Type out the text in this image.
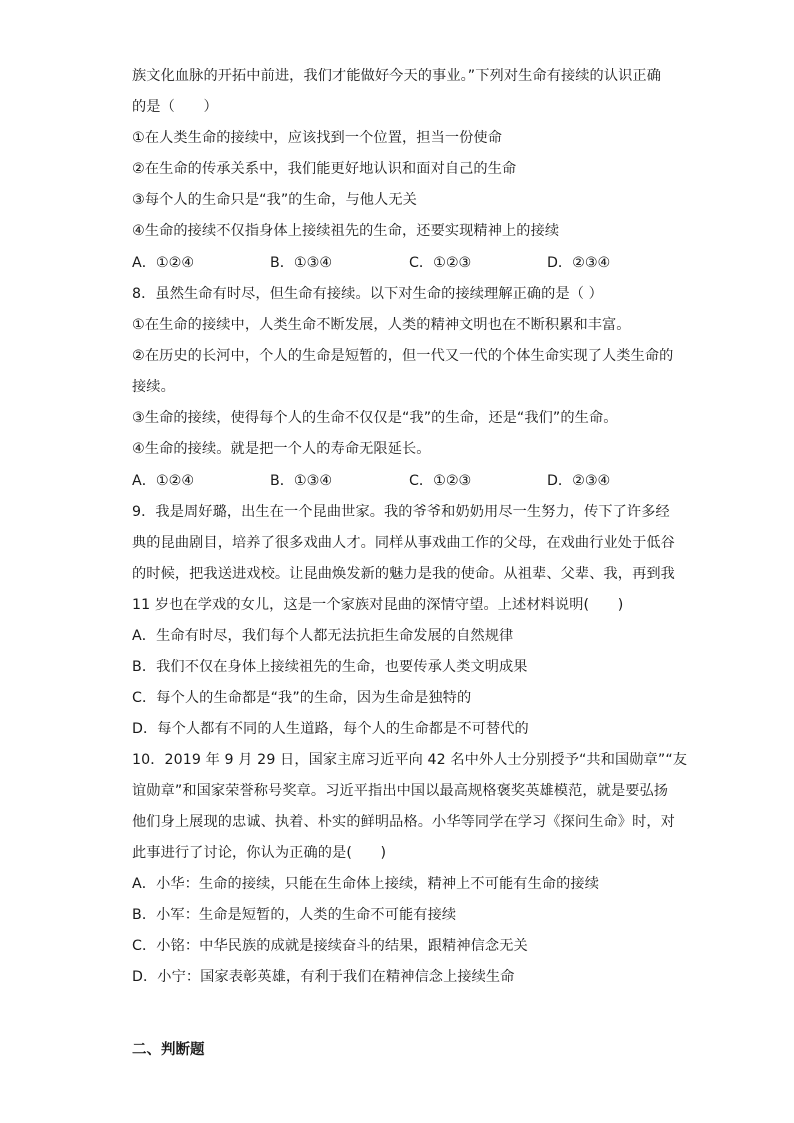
族文化血脉的开拓中前进，我们才能做好今天的事业。”下列对生命有接续的认识正确
的是（　　）
①在人类生命的接续中，应该找到一个位置，担当一份使命
②在生命的传承关系中，我们能更好地认识和面对自己的生命
③每个人的生命只是“我”的生命，与他人无关
④生命的接续不仅指身体上接续祖先的生命，还要实现精神上的接续
A．①②④	B．①③④	C．①②③	D．②③④
8．虽然生命有时尽，但生命有接续。以下对生命的接续理解正确的是（ ）
①在生命的接续中，人类生命不断发展，人类的精神文明也在不断积累和丰富。
②在历史的长河中，个人的生命是短暂的，但一代又一代的个体生命实现了人类生命的
接续。
③生命的接续，使得每个人的生命不仅仅是“我”的生命，还是“我们”的生命。
④生命的接续。就是把一个人的寿命无限延长。
A．①②④	B．①③④	C．①②③	D．②③④
9．我是周好璐，出生在一个昆曲世家。我的爷爷和奶奶用尽一生努力，传下了许多经
典的昆曲剧目，培养了很多戏曲人才。同样从事戏曲工作的父母，在戏曲行业处于低谷
的时候，把我送进戏校。让昆曲焕发新的魅力是我的使命。从祖辈、父辈、我，再到我
11 岁也在学戏的女儿，这是一个家族对昆曲的深情守望。上述材料说明(　　)
A．生命有时尽，我们每个人都无法抗拒生命发展的自然规律
B．我们不仅在身体上接续祖先的生命，也要传承人类文明成果
C．每个人的生命都是“我”的生命，因为生命是独特的
D．每个人都有不同的人生道路，每个人的生命都是不可替代的
10．2019 年 9 月 29 日，国家主席习近平向 42 名中外人士分别授予“共和国勋章”“友
谊勋章”和国家荣誉称号奖章。习近平指出中国以最高规格褒奖英雄模范，就是要弘扬
他们身上展现的忠诚、执着、朴实的鲜明品格。小华等同学在学习《探问生命》时，对
此事进行了讨论，你认为正确的是(　　)
A．小华：生命的接续，只能在生命体上接续，精神上不可能有生命的接续
B．小军：生命是短暂的，人类的生命不可能有接续
C．小铭：中华民族的成就是接续奋斗的结果，跟精神信念无关
D．小宁：国家表彰英雄，有利于我们在精神信念上接续生命
二、判断题
